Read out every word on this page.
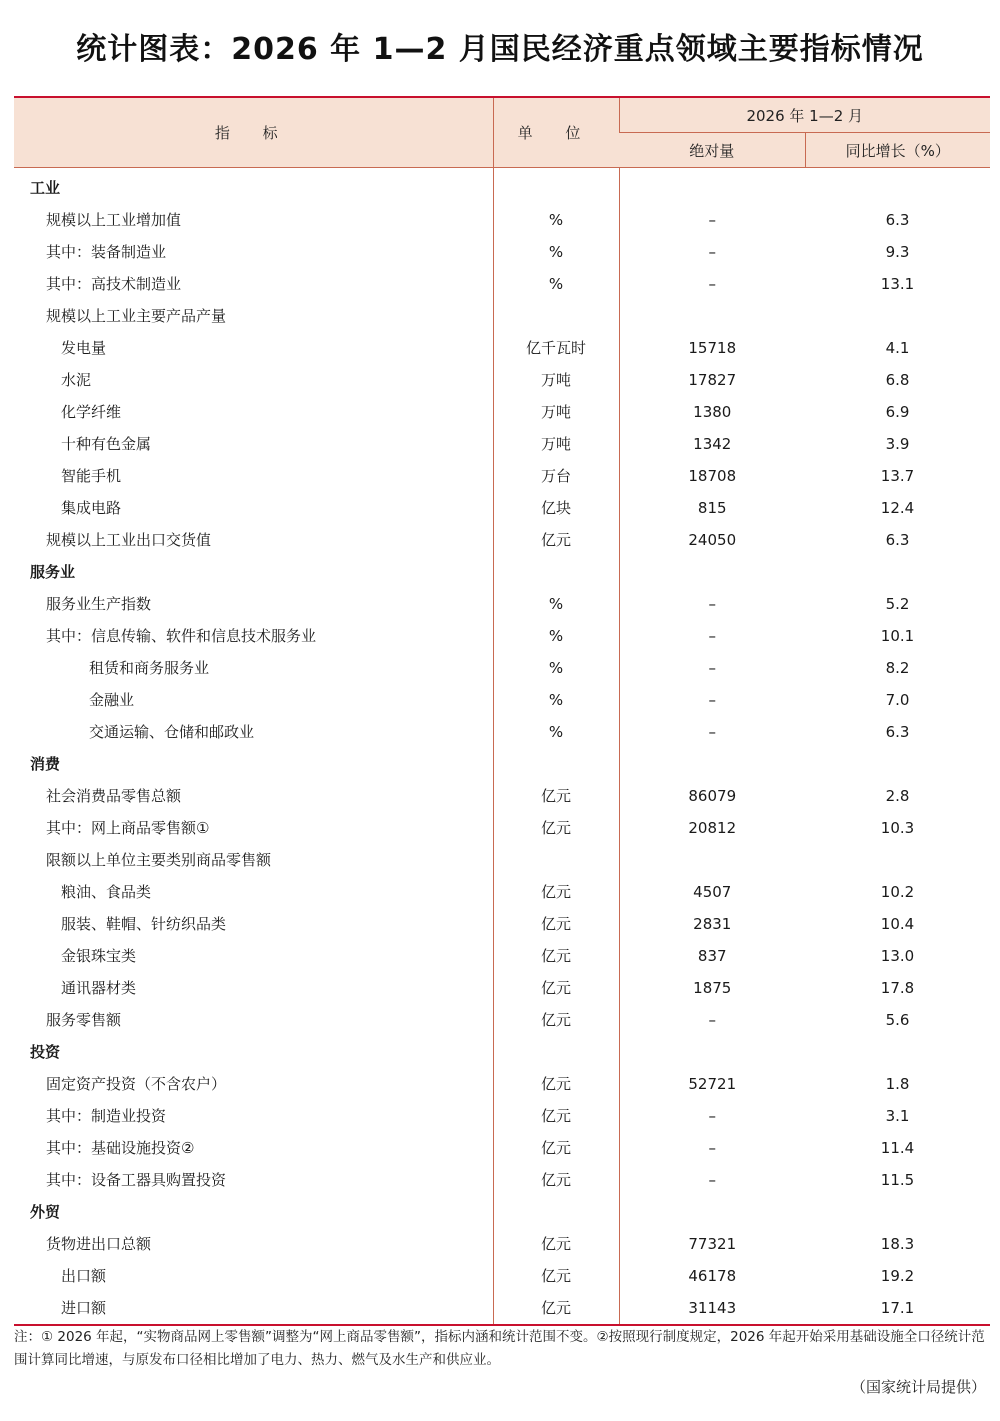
统计图表：2026 年 1—2 月国民经济重点领域主要指标情况
指 标	单 位	2026 年 1—2 月	
		绝对量	同比增长（%）
工业			
规模以上工业增加值	%	–	6.3
其中：装备制造业	%	–	9.3
其中：高技术制造业	%	–	13.1
规模以上工业主要产品产量			
发电量	亿千瓦时	15718	4.1
水泥	万吨	17827	6.8
化学纤维	万吨	1380	6.9
十种有色金属	万吨	1342	3.9
智能手机	万台	18708	13.7
集成电路	亿块	815	12.4
规模以上工业出口交货值	亿元	24050	6.3
服务业			
服务业生产指数	%	–	5.2
其中：信息传输、软件和信息技术服务业	%	–	10.1
租赁和商务服务业	%	–	8.2
金融业	%	–	7.0
交通运输、仓储和邮政业	%	–	6.3
消费			
社会消费品零售总额	亿元	86079	2.8
其中：网上商品零售额①	亿元	20812	10.3
限额以上单位主要类别商品零售额			
粮油、食品类	亿元	4507	10.2
服装、鞋帽、针纺织品类	亿元	2831	10.4
金银珠宝类	亿元	837	13.0
通讯器材类	亿元	1875	17.8
服务零售额	亿元	–	5.6
投资			
固定资产投资（不含农户）	亿元	52721	1.8
其中：制造业投资	亿元	–	3.1
其中：基础设施投资②	亿元	–	11.4
其中：设备工器具购置投资	亿元	–	11.5
外贸			
货物进出口总额	亿元	77321	18.3
出口额	亿元	46178	19.2
进口额	亿元	31143	17.1
注：① 2026 年起，“实物商品网上零售额”调整为“网上商品零售额”，指标内涵和统计范围不变。②按照现行制度规定，2026 年起开始采用基础设施全口径统计范围计算同比增速，与原发布口径相比增加了电力、热力、燃气及水生产和供应业。
（国家统计局提供）
